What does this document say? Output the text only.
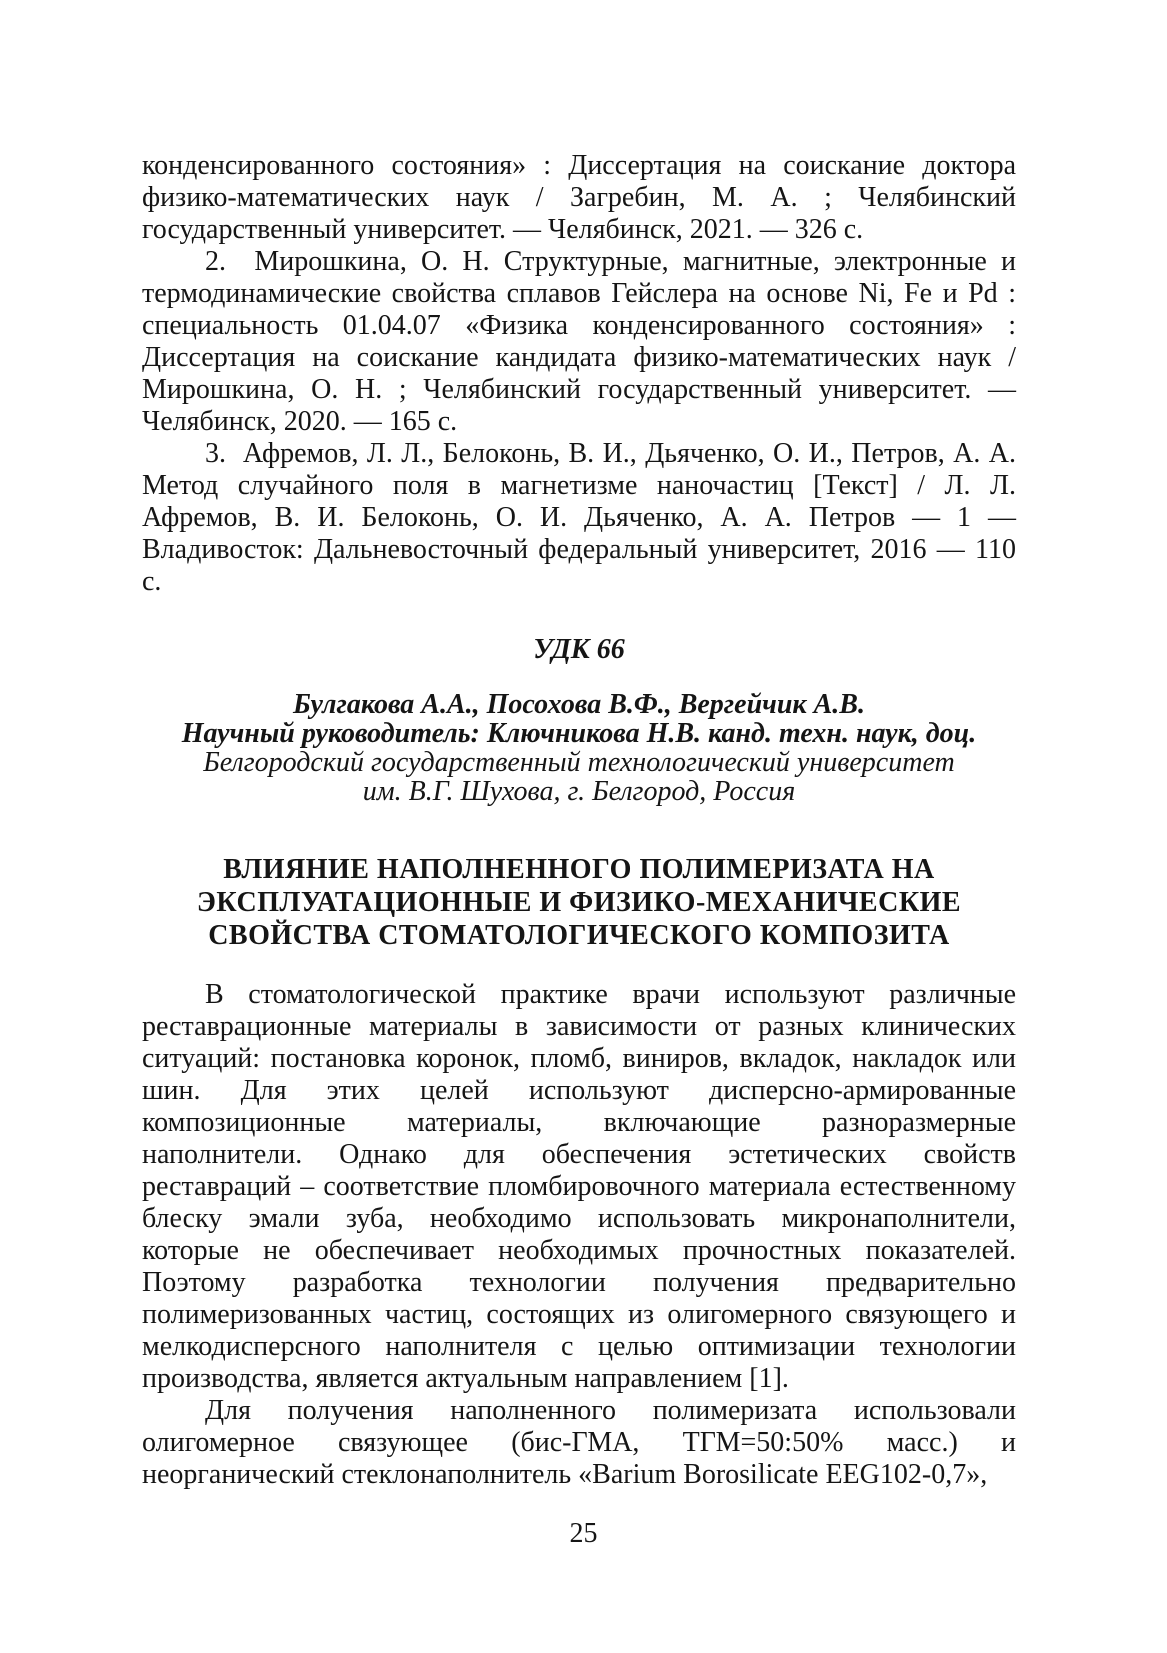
конденсированного состояния» : Диссертация на соискание доктора физико-математических наук / Загребин, М. А. ; Челябинский государственный университет. — Челябинск, 2021. — 326 с.

2.  Мирошкина, О. Н. Структурные, магнитные, электронные и термодинамические свойства сплавов Гейслера на основе Ni, Fe и Pd : специальность 01.04.07 «Физика конденсированного состояния» : Диссертация на соискание кандидата физико-математических наук / Мирошкина, О. Н. ; Челябинский государственный университет. — Челябинск, 2020. — 165 с.

3.  Афремов, Л. Л., Белоконь, В. И., Дьяченко, О. И., Петров, А. А. Метод случайного поля в магнетизме наночастиц [Текст] / Л. Л. Афремов, В. И. Белоконь, О. И. Дьяченко, А. А. Петров — 1 — Владивосток: Дальневосточный федеральный университет, 2016 — 110 с.

УДК 66
Булгакова А.А., Посохова В.Ф., Вергейчик А.В.
Научный руководитель: Ключникова Н.В. канд. техн. наук, доц.
Белгородский государственный технологический университет
им. В.Г. Шухова, г. Белгород, Россия
ВЛИЯНИЕ НАПОЛНЕННОГО ПОЛИМЕРИЗАТА НА
ЭКСПЛУАТАЦИОННЫЕ И ФИЗИКО-МЕХАНИЧЕСКИЕ
СВОЙСТВА СТОМАТОЛОГИЧЕСКОГО КОМПОЗИТА

В стоматологической практике врачи используют различные реставрационные материалы в зависимости от разных клинических ситуаций: постановка коронок, пломб, виниров, вкладок, накладок или шин. Для этих целей используют дисперсно-армированные композиционные материалы, включающие разноразмерные наполнители. Однако для обеспечения эстетических свойств реставраций – соответствие пломбировочного материала естественному блеску эмали зуба, необходимо использовать микронаполнители, которые не обеспечивает необходимых прочностных показателей. Поэтому разработка технологии получения предварительно полимеризованных частиц, состоящих из олигомерного связующего и мелкодисперсного наполнителя с целью оптимизации технологии производства, является актуальным направлением [1].

Для получения наполненного полимеризата использовали олигомерное связующее (бис-ГМА, ТГМ=50:50% масс.) и неорганический стеклонаполнитель «Barium Borosilicate EEG102-0,7»,

25
